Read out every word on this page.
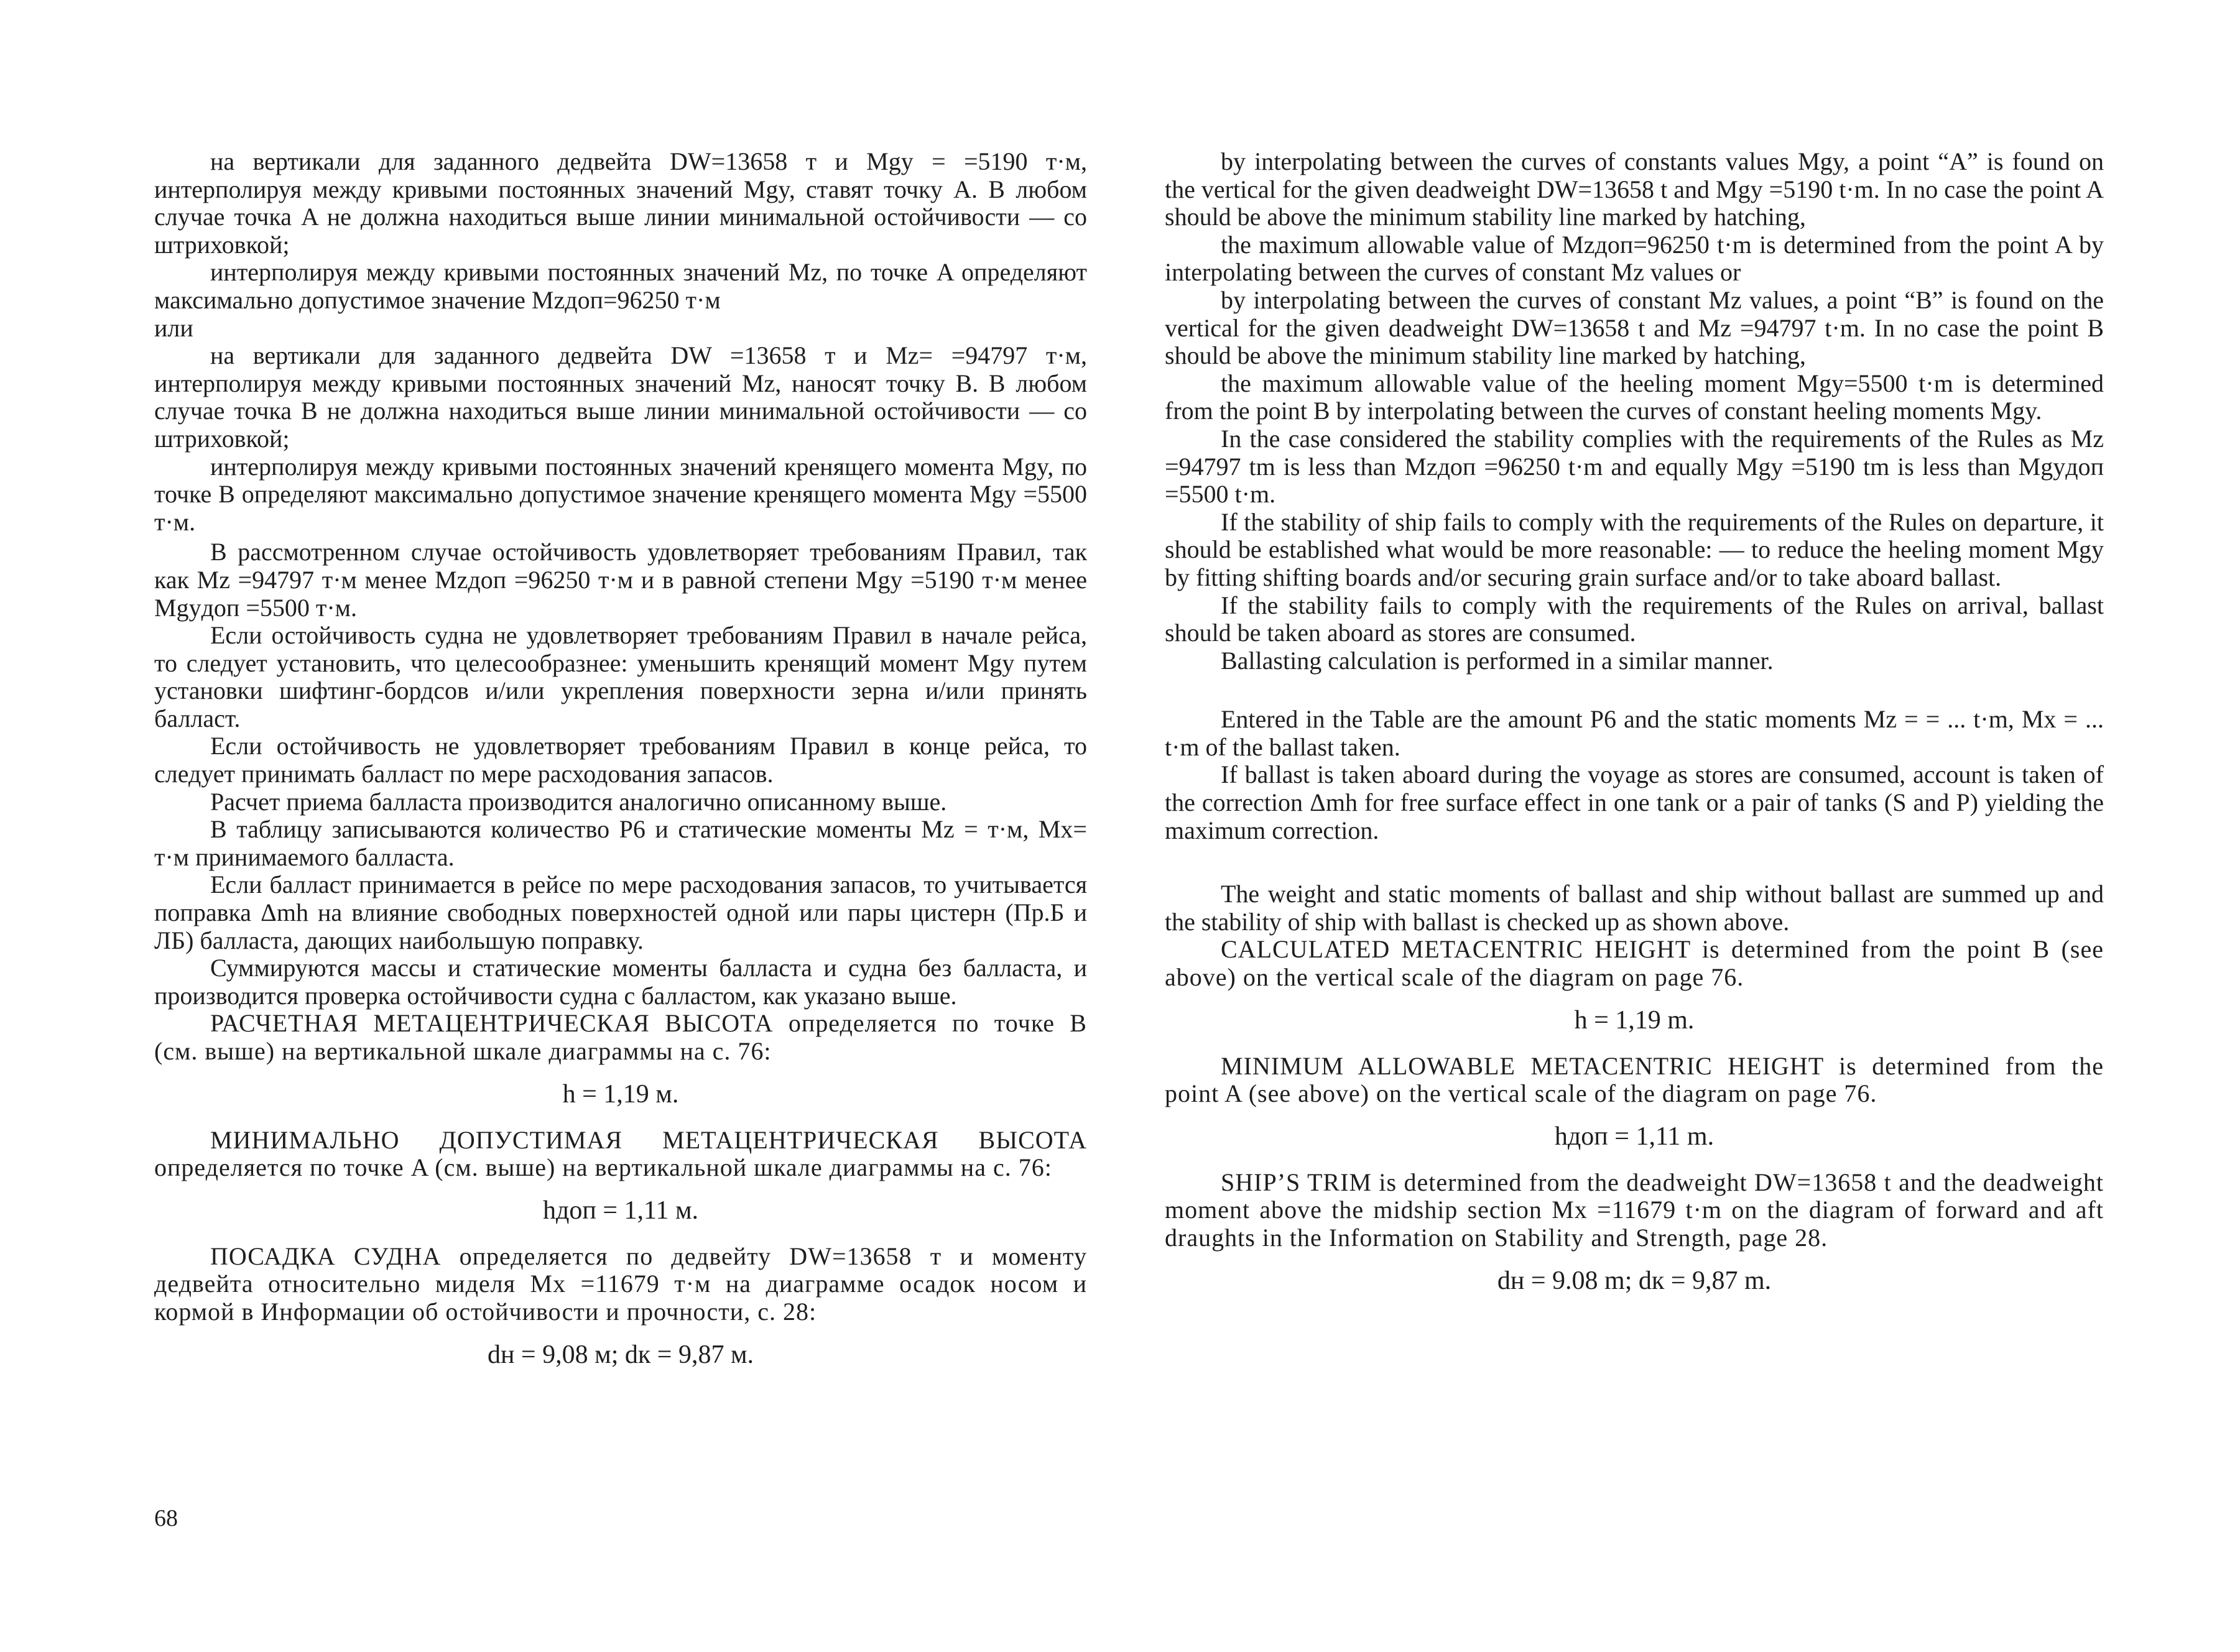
на вертикали для заданного дедвейта DW=13658 т и Mgy = =5190 т·м, интерполируя между кривыми постоянных значений Mgy, ставят точку A. В любом случае точка A не должна находиться выше линии минимальной остойчивости — со штриховкой;

интерполируя между кривыми постоянных значений Mz, по точке A определяют максимально допустимое значение Mzдоп=96250 т·м

или

на вертикали для заданного дедвейта DW =13658 т и Mz= =94797 т·м, интерполируя между кривыми постоянных значений Mz, наносят точку B. В любом случае точка B не должна находиться выше линии минимальной остойчивости — со штриховкой;

интерполируя между кривыми постоянных значений кренящего момента Mgy, по точке B определяют максимально допустимое значение кренящего момента Mgy =5500 т·м.

В рассмотренном случае остойчивость удовлетворяет требованиям Правил, так как Mz =94797 т·м менее Mzдоп =96250 т·м и в равной степени Mgy =5190 т·м менее Mgyдоп =5500 т·м.

Если остойчивость судна не удовлетворяет требованиям Правил в начале рейса, то следует установить, что целесообразнее: уменьшить кренящий момент Mgy путем установки шифтинг-бордсов и/или укрепления поверхности зерна и/или принять балласт.

Если остойчивость не удовлетворяет требованиям Правил в конце рейса, то следует принимать балласт по мере расходования запасов.

Расчет приема балласта производится аналогично описанному выше.

В таблицу записываются количество P6 и статические моменты Mz = т·м, Mx= т·м принимаемого балласта.

Если балласт принимается в рейсе по мере расходования запасов, то учитывается поправка Δmh на влияние свободных поверхностей одной или пары цистерн (Пр.Б и ЛБ) балласта, дающих наибольшую поправку.

Суммируются массы и статические моменты балласта и судна без балласта, и производится проверка остойчивости судна с балластом, как указано выше.

РАСЧЕТНАЯ МЕТАЦЕНТРИЧЕСКАЯ ВЫСОТА определяется по точке B (см. выше) на вертикальной шкале диаграммы на с. 76:

h = 1,19 м.

МИНИМАЛЬНО ДОПУСТИМАЯ МЕТАЦЕНТРИЧЕСКАЯ ВЫСОТА определяется по точке A (см. выше) на вертикальной шкале диаграммы на с. 76:

hдоп = 1,11 м.

ПОСАДКА СУДНА определяется по дедвейту DW=13658 т и моменту дедвейта относительно миделя Mx =11679 т·м на диаграмме осадок носом и кормой в Информации об остойчивости и прочности, с. 28:

dн = 9,08 м; dк = 9,87 м.

by interpolating between the curves of constants values Mgy, a point “A” is found on the vertical for the given deadweight DW=13658 t and Mgy =5190 t·m. In no case the point A should be above the minimum stability line marked by hatching,

the maximum allowable value of Mzдоп=96250 t·m is determined from the point A by interpolating between the curves of constant Mz values or

by interpolating between the curves of constant Mz values, a point “B” is found on the vertical for the given deadweight DW=13658 t and Mz =94797 t·m. In no case the point B should be above the minimum stability line marked by hatching,

the maximum allowable value of the heeling moment Mgy=5500 t·m is determined from the point B by interpolating between the curves of constant heeling moments Mgy.

In the case considered the stability complies with the requirements of the Rules as Mz =94797 tm is less than Mzдоп =96250 t·m and equally Mgy =5190 tm is less than Mgyдоп =5500 t·m.

If the stability of ship fails to comply with the requirements of the Rules on departure, it should be established what would be more reasonable: — to reduce the heeling moment Mgy by fitting shifting boards and/or securing grain surface and/or to take aboard ballast.

If the stability fails to comply with the requirements of the Rules on arrival, ballast should be taken aboard as stores are consumed.

Ballasting calculation is performed in a similar manner.

Entered in the Table are the amount P6 and the static moments Mz = = ... t·m, Mx = ... t·m of the ballast taken.

If ballast is taken aboard during the voyage as stores are consumed, account is taken of the correction Δmh for free surface effect in one tank or a pair of tanks (S and P) yielding the maximum correction.

The weight and static moments of ballast and ship without ballast are summed up and the stability of ship with ballast is checked up as shown above.

CALCULATED METACENTRIC HEIGHT is determined from the point B (see above) on the vertical scale of the diagram on page 76.

h = 1,19 m.

MINIMUM ALLOWABLE METACENTRIC HEIGHT is determined from the point A (see above) on the vertical scale of the diagram on page 76.

hдоп = 1,11 m.

SHIP’S TRIM is determined from the deadweight DW=13658 t and the deadweight moment above the midship section Mx =11679 t·m on the diagram of forward and aft draughts in the Information on Stability and Strength, page 28.

dн = 9.08 m; dк = 9,87 m.
68
